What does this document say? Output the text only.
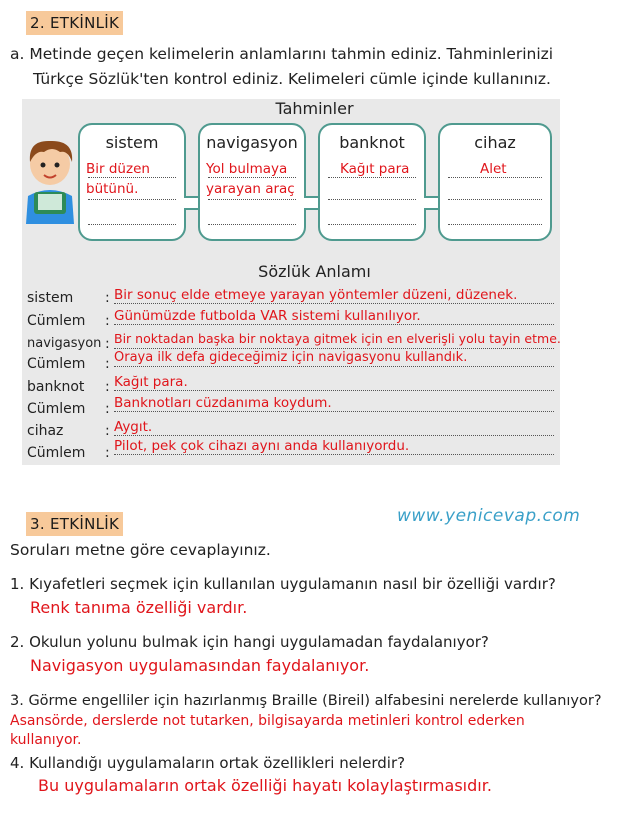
2. ETKİNLİK
a. Metinde geçen kelimelerin anlamlarını tahmin ediniz. Tahminlerinizi
Türkçe Sözlük'ten kontrol ediniz. Kelimeleri cümle içinde kullanınız.
Tahminler
sistem
Bir düzen bütünü.
navigasyon
Yol bulmaya yarayan araç
banknot
Kağıt para
cihaz
Alet
Sözlük Anlamı
sistem : Bir sonuç elde etmeye yarayan yöntemler düzeni, düzenek.
Cümlem : Günümüzde futbolda VAR sistemi kullanılıyor.
navigasyon : Bir noktadan başka bir noktaya gitmek için en elverişli yolu tayin etme.
Cümlem : Oraya ilk defa gideceğimiz için navigasyonu kullandık.
banknot : Kağıt para.
Cümlem : Banknotları cüzdanıma koydum.
cihaz	: Aygıt.
Cümlem : Pilot, pek çok cihazı aynı anda kullanıyordu.
3. ETKİNLİK	www.yenicevap.com
Soruları metne göre cevaplayınız.
1. Kıyafetleri seçmek için kullanılan uygulamanın nasıl bir özelliği vardır?
Renk tanıma özelliği vardır.
2. Okulun yolunu bulmak için hangi uygulamadan faydalanıyor?
Navigasyon uygulamasından faydalanıyor.
3. Görme engelliler için hazırlanmış Braille (Bireil) alfabesini nerelerde kullanıyor?
Asansörde, derslerde not tutarken, bilgisayarda metinleri kontrol ederken kullanıyor.
4. Kullandığı uygulamaların ortak özellikleri nelerdir?
Bu uygulamaların ortak özelliği hayatı kolaylaştırmasıdır.
